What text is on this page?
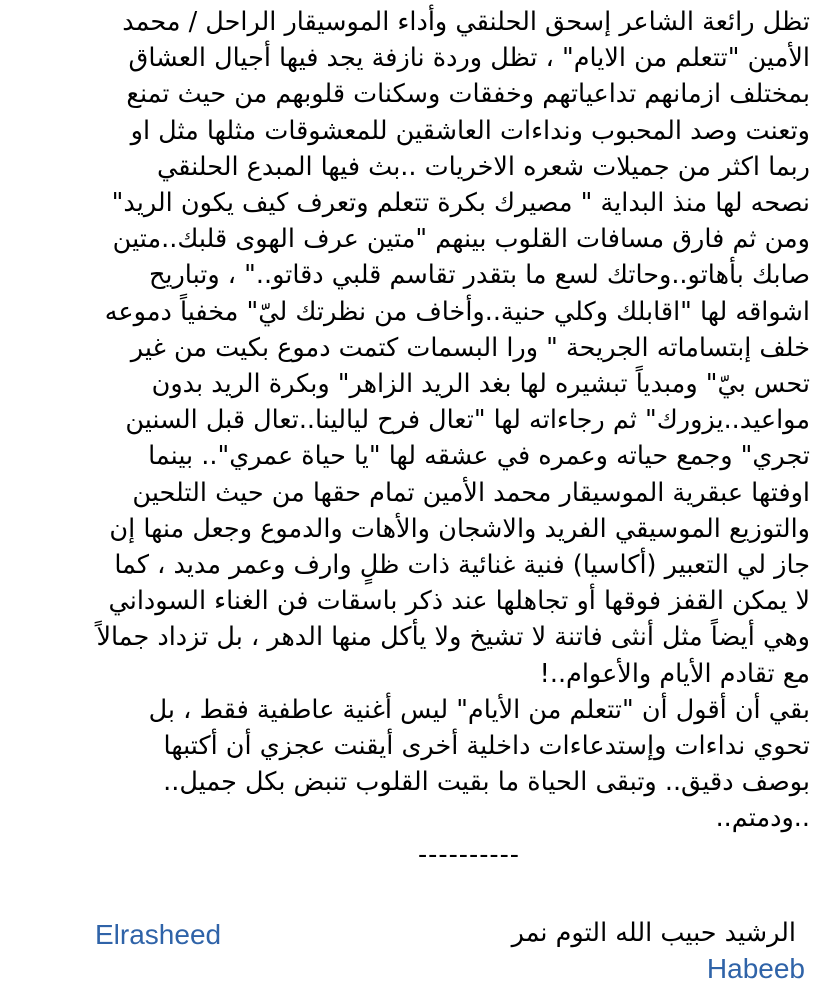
تظل رائعة الشاعر إسحق الحلنقي وأداء الموسيقار الراحل / محمد
الأمين "تتعلم من الايام" ، تظل وردة نازفة يجد فيها أجيال العشاق
بمختلف ازمانهم تداعياتهم وخفقات وسكنات قلوبهم من حيث تمنع
وتعنت وصد المحبوب ونداءات العاشقين للمعشوقات مثلها مثل او
ربما اكثر من جميلات شعره الاخريات ..بث فيها المبدع الحلنقي
نصحه لها منذ البداية " مصيرك بكرة تتعلم وتعرف كيف يكون الريد"
ومن ثم فارق مسافات القلوب بينهم "متين عرف الهوى قلبك..متين
صابك بأهاتو..وحاتك لسع ما بتقدر تقاسم قلبي دقاتو.." ، وتباريح
اشواقه لها "اقابلك وكلي حنية..وأخاف من نظرتك ليّ" مخفياً دموعه
خلف إبتساماته الجريحة " ورا البسمات كتمت دموع بكيت من غير
تحس بيّ" ومبدياً تبشيره لها بغد الريد الزاهر" وبكرة الريد بدون
مواعيد..يزورك" ثم رجاءاته لها "تعال فرح ليالينا..تعال قبل السنين
تجري" وجمع حياته وعمره في عشقه لها "يا حياة عمري".. بينما
اوفتها عبقرية الموسيقار محمد الأمين تمام حقها من حيث التلحين
والتوزيع الموسيقي الفريد والاشجان والأهات والدموع وجعل منها إن
جاز لي التعبير (أكاسيا) فنية غنائية ذات ظلٍ وارف وعمر مديد ، كما
لا يمكن القفز فوقها أو تجاهلها عند ذكر باسقات فن الغناء السوداني
وهي أيضاً مثل أنثى فاتنة لا تشيخ ولا يأكل منها الدهر ، بل تزداد جمالاً
مع تقادم الأيام والأعوام..!
بقي أن أقول أن "تتعلم من الأيام" ليس أغنية عاطفية فقط ، بل
تحوي نداءات وإستدعاءات داخلية أخرى أيقنت عجزي أن أكتبها
بوصف دقيق.. وتبقى الحياة ما بقيت القلوب تنبض بكل جميل..
..ودمتم..
----------
الرشيد حبيب الله التوم نمر
Elrasheed
Habeeb
